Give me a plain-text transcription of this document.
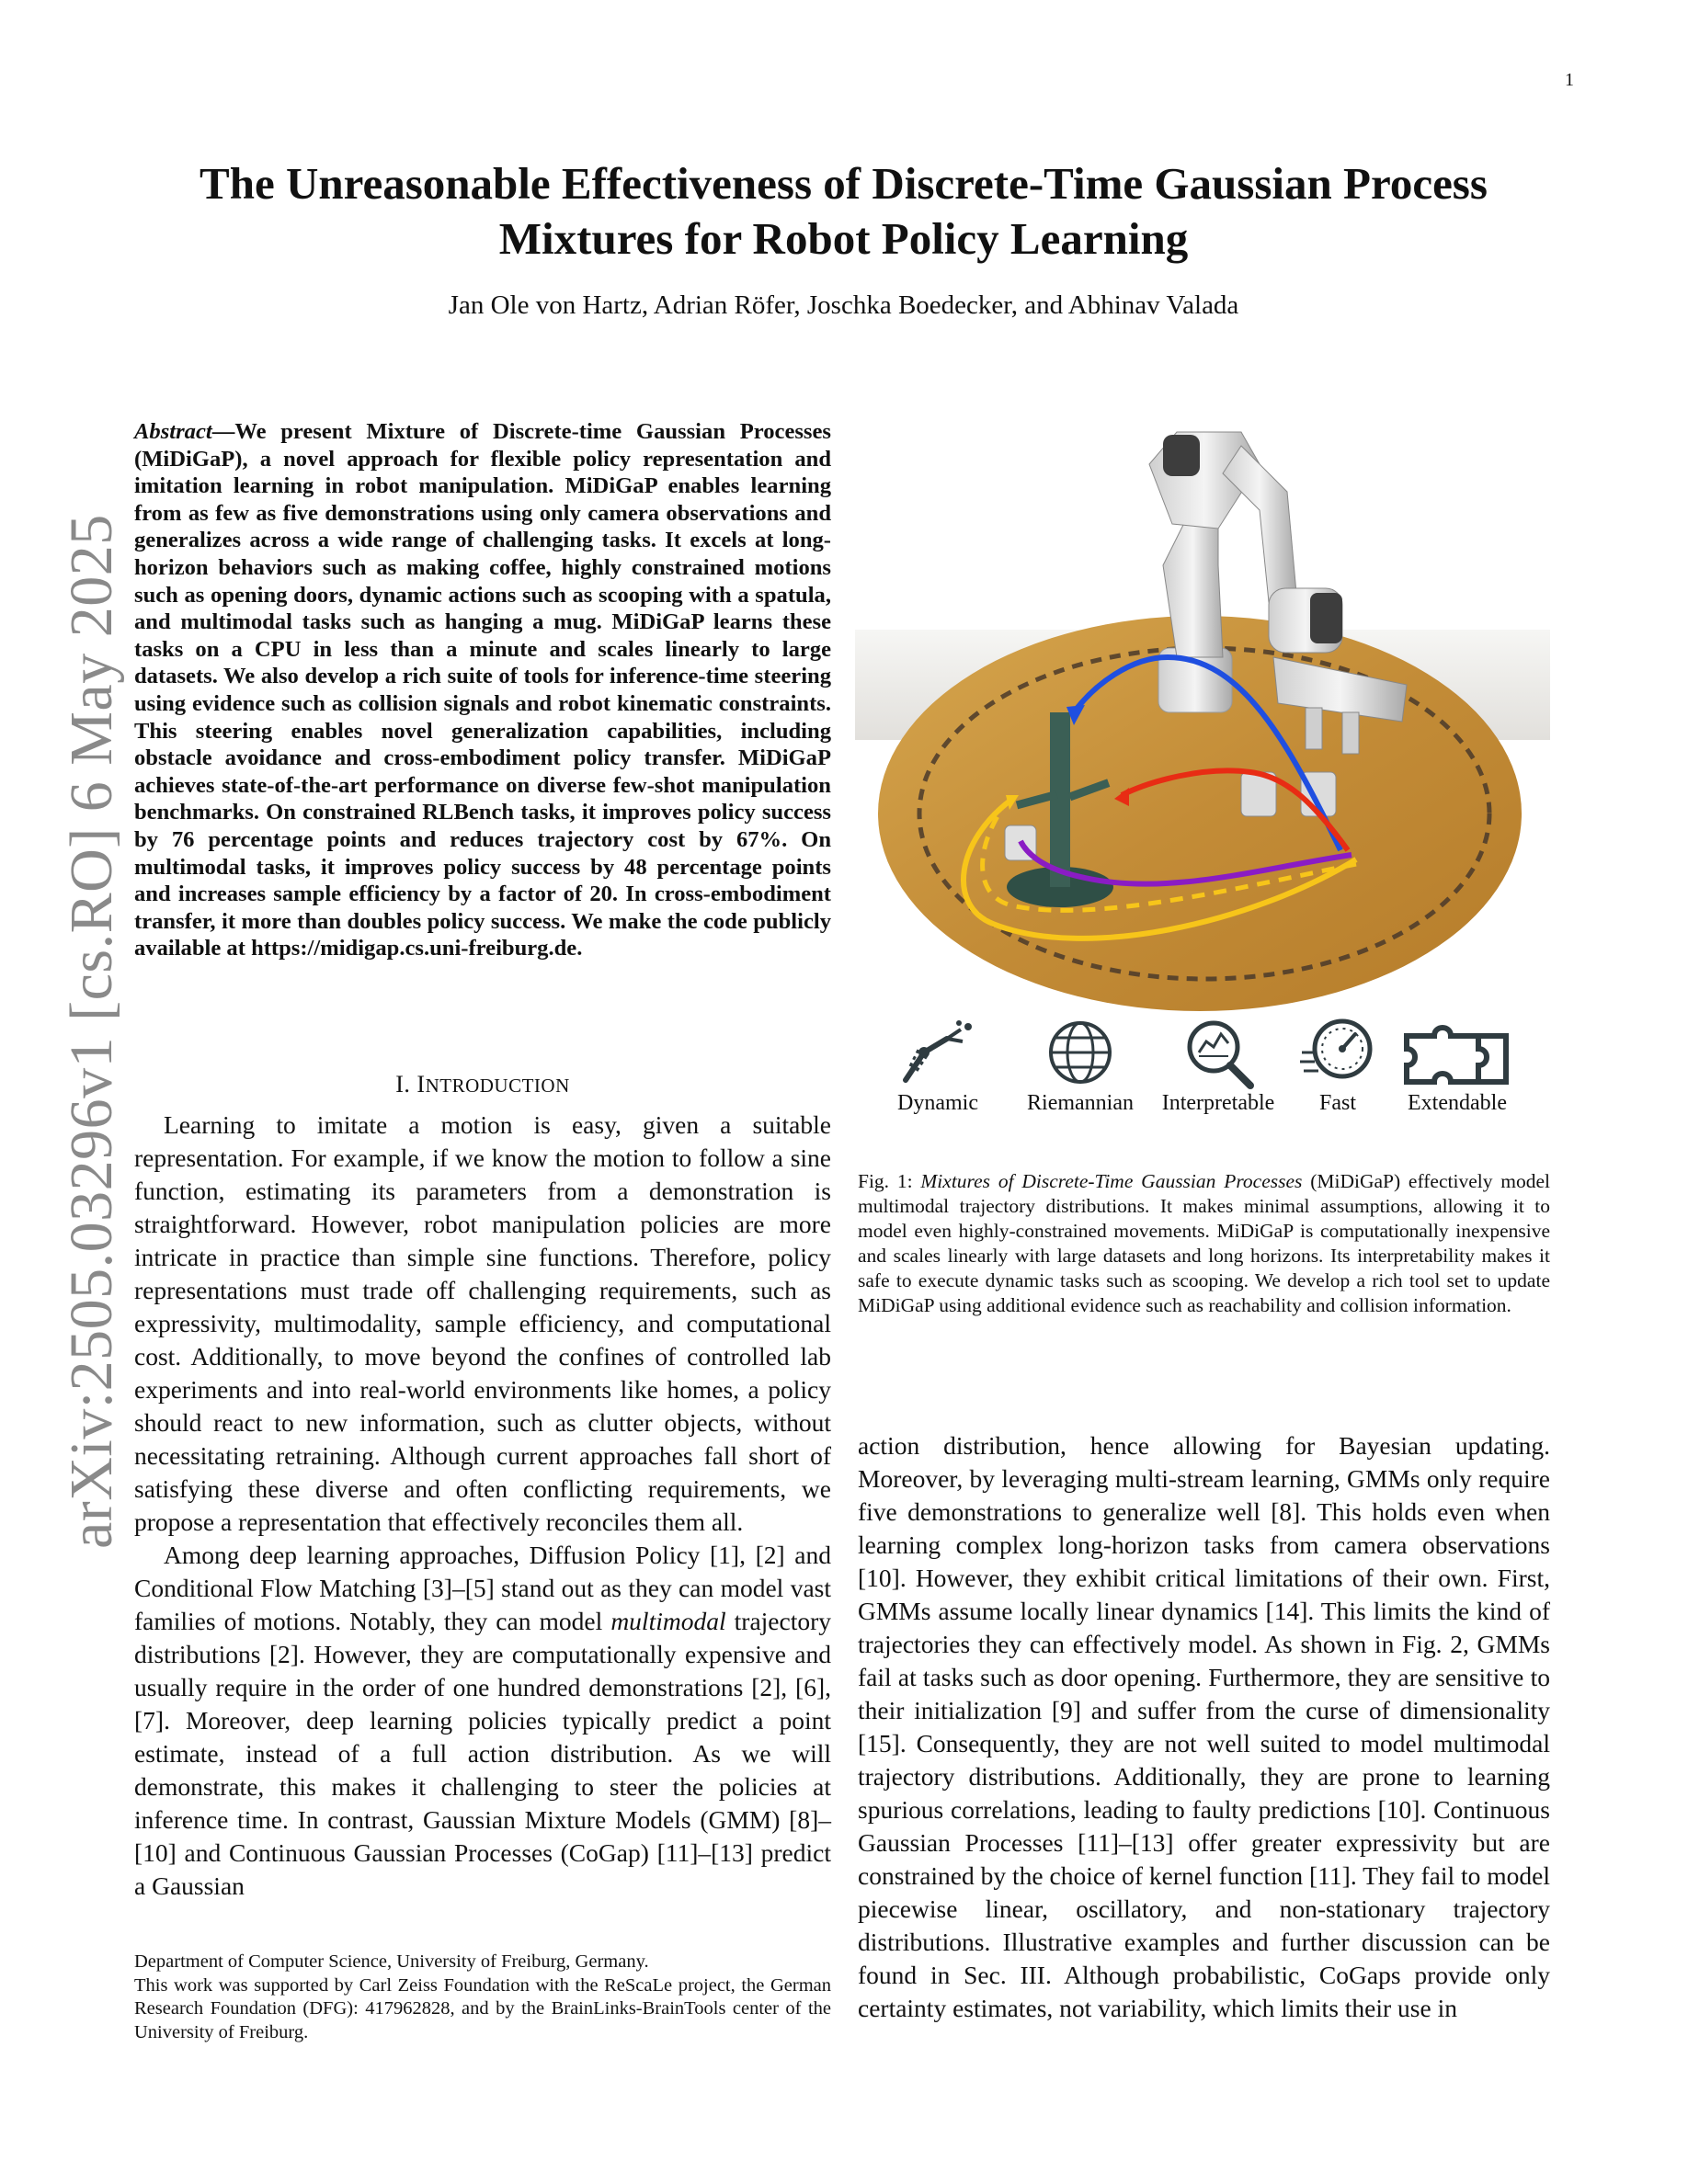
1
arXiv:2505.03296v1 [cs.RO] 6 May 2025
The Unreasonable Effectiveness of Discrete-Time Gaussian Process Mixtures for Robot Policy Learning
Jan Ole von Hartz, Adrian Röfer, Joschka Boedecker, and Abhinav Valada
Abstract—We present Mixture of Discrete-time Gaussian Processes (MiDiGaP), a novel approach for flexible policy representation and imitation learning in robot manipulation. MiDiGaP enables learning from as few as five demonstrations using only camera observations and generalizes across a wide range of challenging tasks. It excels at long-horizon behaviors such as making coffee, highly constrained motions such as opening doors, dynamic actions such as scooping with a spatula, and multimodal tasks such as hanging a mug. MiDiGaP learns these tasks on a CPU in less than a minute and scales linearly to large datasets. We also develop a rich suite of tools for inference-time steering using evidence such as collision signals and robot kinematic constraints. This steering enables novel generalization capabilities, including obstacle avoidance and cross-embodiment policy transfer. MiDiGaP achieves state-of-the-art performance on diverse few-shot manipulation benchmarks. On constrained RLBench tasks, it improves policy success by 76 percentage points and reduces trajectory cost by 67%. On multimodal tasks, it improves policy success by 48 percentage points and increases sample efficiency by a factor of 20. In cross-embodiment transfer, it more than doubles policy success. We make the code publicly available at https://midigap.cs.uni-freiburg.de.
I. INTRODUCTION

Learning to imitate a motion is easy, given a suitable representation. For example, if we know the motion to follow a sine function, estimating its parameters from a demonstration is straightforward. However, robot manipulation policies are more intricate in practice than simple sine functions. Therefore, policy representations must trade off challenging requirements, such as expressivity, multimodality, sample efficiency, and computational cost. Additionally, to move beyond the confines of controlled lab experiments and into real-world environments like homes, a policy should react to new information, such as clutter objects, without necessitating retraining. Although current approaches fall short of satisfying these diverse and often conflicting requirements, we propose a representation that effectively reconciles them all.

Among deep learning approaches, Diffusion Policy [1], [2] and Conditional Flow Matching [3]–[5] stand out as they can model vast families of motions. Notably, they can model multimodal trajectory distributions [2]. However, they are computationally expensive and usually require in the order of one hundred demonstrations [2], [6], [7]. Moreover, deep learning policies typically predict a point estimate, instead of a full action distribution. As we will demonstrate, this makes it challenging to steer the policies at inference time. In contrast, Gaussian Mixture Models (GMM) [8]–[10] and Continuous Gaussian Processes (CoGap) [11]–[13] predict a Gaussian

Department of Computer Science, University of Freiburg, Germany.
This work was supported by Carl Zeiss Foundation with the ReScaLe project, the German Research Foundation (DFG): 417962828, and by the BrainLinks-BrainTools center of the University of Freiburg.
Dynamic Riemannian Interpretable	Fast	Extendable
Fig. 1: Mixtures of Discrete-Time Gaussian Processes (MiDiGaP) effectively model multimodal trajectory distributions. It makes minimal assumptions, allowing it to model even highly-constrained movements. MiDiGaP is computationally inexpensive and scales linearly with large datasets and long horizons. Its interpretability makes it safe to execute dynamic tasks such as scooping. We develop a rich tool set to update MiDiGaP using additional evidence such as reachability and collision information.

action distribution, hence allowing for Bayesian updating. Moreover, by leveraging multi-stream learning, GMMs only require five demonstrations to generalize well [8]. This holds even when learning complex long-horizon tasks from camera observations [10]. However, they exhibit critical limitations of their own. First, GMMs assume locally linear dynamics [14]. This limits the kind of trajectories they can effectively model. As shown in Fig. 2, GMMs fail at tasks such as door opening. Furthermore, they are sensitive to their initialization [9] and suffer from the curse of dimensionality [15]. Consequently, they are not well suited to model multimodal trajectory distributions. Additionally, they are prone to learning spurious correlations, leading to faulty predictions [10]. Continuous Gaussian Processes [11]–[13] offer greater expressivity but are constrained by the choice of kernel function [11]. They fail to model piecewise linear, oscillatory, and non-stationary trajectory distributions. Illustrative examples and further discussion can be found in Sec. III. Although probabilistic, CoGaps provide only certainty estimates, not variability, which limits their use in
